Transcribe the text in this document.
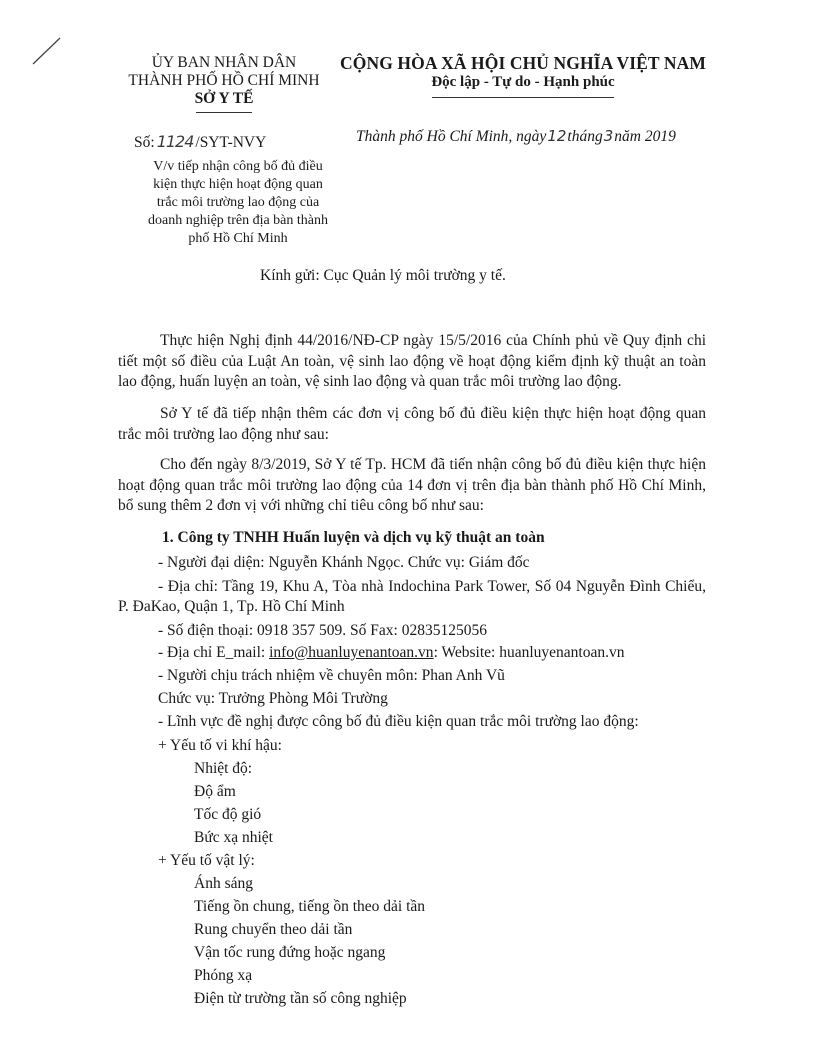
ỦY BAN NHÂN DÂN
THÀNH PHỐ HỒ CHÍ MINH
SỞ Y TẾ
CỘNG HÒA XÃ HỘI CHỦ NGHĨA VIỆT NAM
Độc lập - Tự do - Hạnh phúc
Số: 1124 /SYT-NVY	Thành phố Hồ Chí Minh, ngày12tháng3năm 2019
V/v tiếp nhận công bố đủ điều
kiện thực hiện hoạt động quan
trắc môi trường lao động của
doanh nghiệp trên địa bàn thành
phố Hồ Chí Minh
Kính gửi: Cục Quản lý môi trường y tế.
Thực hiện Nghị định 44/2016/NĐ-CP ngày 15/5/2016 của Chính phủ về Quy định chi tiết một số điều của Luật An toàn, vệ sinh lao động về hoạt động kiểm định kỹ thuật an toàn lao động, huấn luyện an toàn, vệ sinh lao động và quan trắc môi trường lao động.
Sở Y tế đã tiếp nhận thêm các đơn vị công bố đủ điều kiện thực hiện hoạt động quan trắc môi trường lao động như sau:
Cho đến ngày 8/3/2019, Sở Y tế Tp. HCM đã tiến nhận công bố đủ điều kiện thực hiện hoạt động quan trắc môi trường lao động của 14 đơn vị trên địa bàn thành phố Hồ Chí Minh, bổ sung thêm 2 đơn vị với những chỉ tiêu công bố như sau:
1. Công ty TNHH Huấn luyện và dịch vụ kỹ thuật an toàn
- Người đại diện: Nguyễn Khánh Ngọc. Chức vụ: Giám đốc
- Địa chỉ: Tầng 19, Khu A, Tòa nhà Indochina Park Tower, Số 04 Nguyễn Đình Chiểu, P. ĐaKao, Quận 1, Tp. Hồ Chí Minh
- Số điện thoại: 0918 357 509. Số Fax: 02835125056
- Địa chỉ E_mail: info@huanluyenantoan.vn: Website: huanluyenantoan.vn
- Người chịu trách nhiệm về chuyên môn: Phan Anh Vũ
Chức vụ: Trưởng Phòng Môi Trường
- Lĩnh vực đề nghị được công bố đủ điều kiện quan trắc môi trường lao động:
+ Yếu tố vi khí hậu:
Nhiệt độ:
Độ ẩm
Tốc độ gió
Bức xạ nhiệt
+ Yếu tố vật lý:
Ánh sáng
Tiếng ồn chung, tiếng ồn theo dải tần
Rung chuyển theo dải tần
Vận tốc rung đứng hoặc ngang
Phóng xạ
Điện từ trường tần số công nghiệp
